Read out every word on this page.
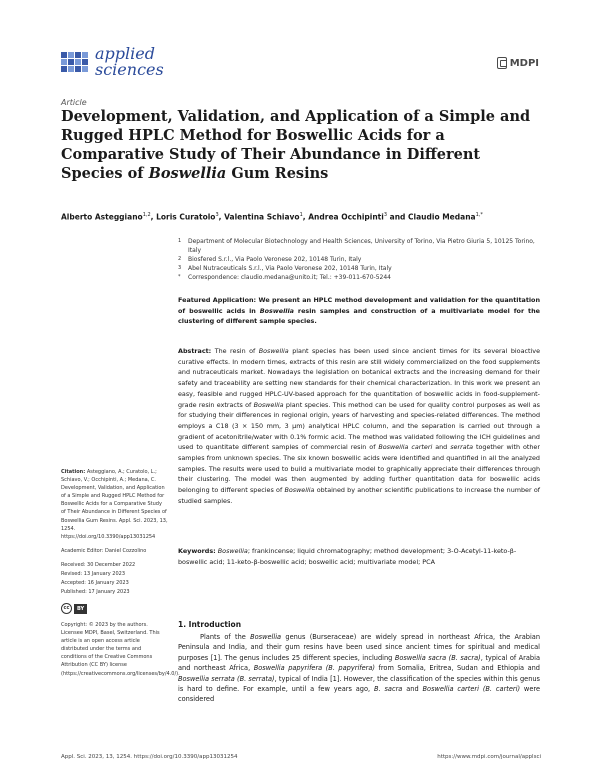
applied
sciences	MDPI
Article
Development, Validation, and Application of a Simple and Rugged HPLC Method for Boswellic Acids for a Comparative Study of Their Abundance in Different Species of Boswellia Gum Resins
Alberto Asteggiano$^{1,2}$, Loris Curatolo$^3$, Valentina Schiavo$^1$, Andrea Occhipinti$^3$ and Claudio Medana$^{1,*}$
1	Department of Molecular Biotechnology and Health Sciences, University of Torino, Via Pietro Giuria 5, 10125 Torino, Italy
2	Biosfered S.r.l., Via Paolo Veronese 202, 10148 Turin, Italy
3	Abel Nutraceuticals S.r.l., Via Paolo Veronese 202, 10148 Turin, Italy
*	Correspondence: claudio.medana@unito.it; Tel.: +39-011-670-5244
Featured Application: We present an HPLC method development and validation for the quantitation of boswellic acids in Boswellia resin samples and construction of a multivariate model for the clustering of different sample species.
Abstract: The resin of Boswellia plant species has been used since ancient times for its several bioactive curative effects. In modern times, extracts of this resin are still widely commercialized on the food supplements and nutraceuticals market. Nowadays the legislation on botanical extracts and the increasing demand for their safety and traceability are setting new standards for their chemical characterization. In this work we present an easy, feasible and rugged HPLC-UV-based approach for the quantitation of boswellic acids in food-supplement-grade resin extracts of Boswellia plant species. This method can be used for quality control purposes as well as for studying their differences in regional origin, years of harvesting and species-related differences. The method employs a C18 (3 × 150 mm, 3 μm) analytical HPLC column, and the separation is carried out through a gradient of acetonitrile/water with 0.1% formic acid. The method was validated following the ICH guidelines and used to quantitate different samples of commercial resin of Boswellia carteri and serrata together with other samples from unknown species. The six known boswellic acids were identified and quantified in all the analyzed samples. The results were used to build a multivariate model to graphically appreciate their differences through their clustering. The model was then augmented by adding further quantitation data for boswellic acids belonging to different species of Boswellia obtained by another scientific publications to increase the number of studied samples.
Keywords: Boswellia; frankincense; liquid chromatography; method development; 3-O-Acetyl-11-keto-β-boswellic acid; 11-keto-β-boswellic acid; boswellic acid; multivariate model; PCA
Citation: Asteggiano, A.; Curatolo, L.; Schiavo, V.; Occhipinti, A.; Medana, C. Development, Validation, and Application of a Simple and Rugged HPLC Method for Boswellic Acids for a Comparative Study of Their Abundance in Different Species of Boswellia Gum Resins. Appl. Sci. 2023, 13, 1254. https://doi.org/10.3390/app13031254
Academic Editor: Daniel Cozzolino
Received: 30 December 2022
Revised: 13 January 2023
Accepted: 16 January 2023
Published: 17 January 2023
cc	BY
Copyright: © 2023 by the authors. Licensee MDPI, Basel, Switzerland. This article is an open access article distributed under the terms and conditions of the Creative Commons Attribution (CC BY) license (https://creativecommons.org/licenses/by/4.0/).
1. Introduction

Plants of the Boswellia genus (Burseraceae) are widely spread in northeast Africa, the Arabian Peninsula and India, and their gum resins have been used since ancient times for spiritual and medical purposes [1]. The genus includes 25 different species, including Boswellia sacra (B. sacra), typical of Arabia and northeast Africa, Boswellia papyrifera (B. papyrifera) from Somalia, Eritrea, Sudan and Ethiopia and Boswellia serrata (B. serrata), typical of India [1]. However, the classification of the species within this genus is hard to define. For example, until a few years ago, B. sacra and Boswellia carteri (B. carteri) were considered

Appl. Sci. 2023, 13, 1254. https://doi.org/10.3390/app13031254	https://www.mdpi.com/journal/applsci
